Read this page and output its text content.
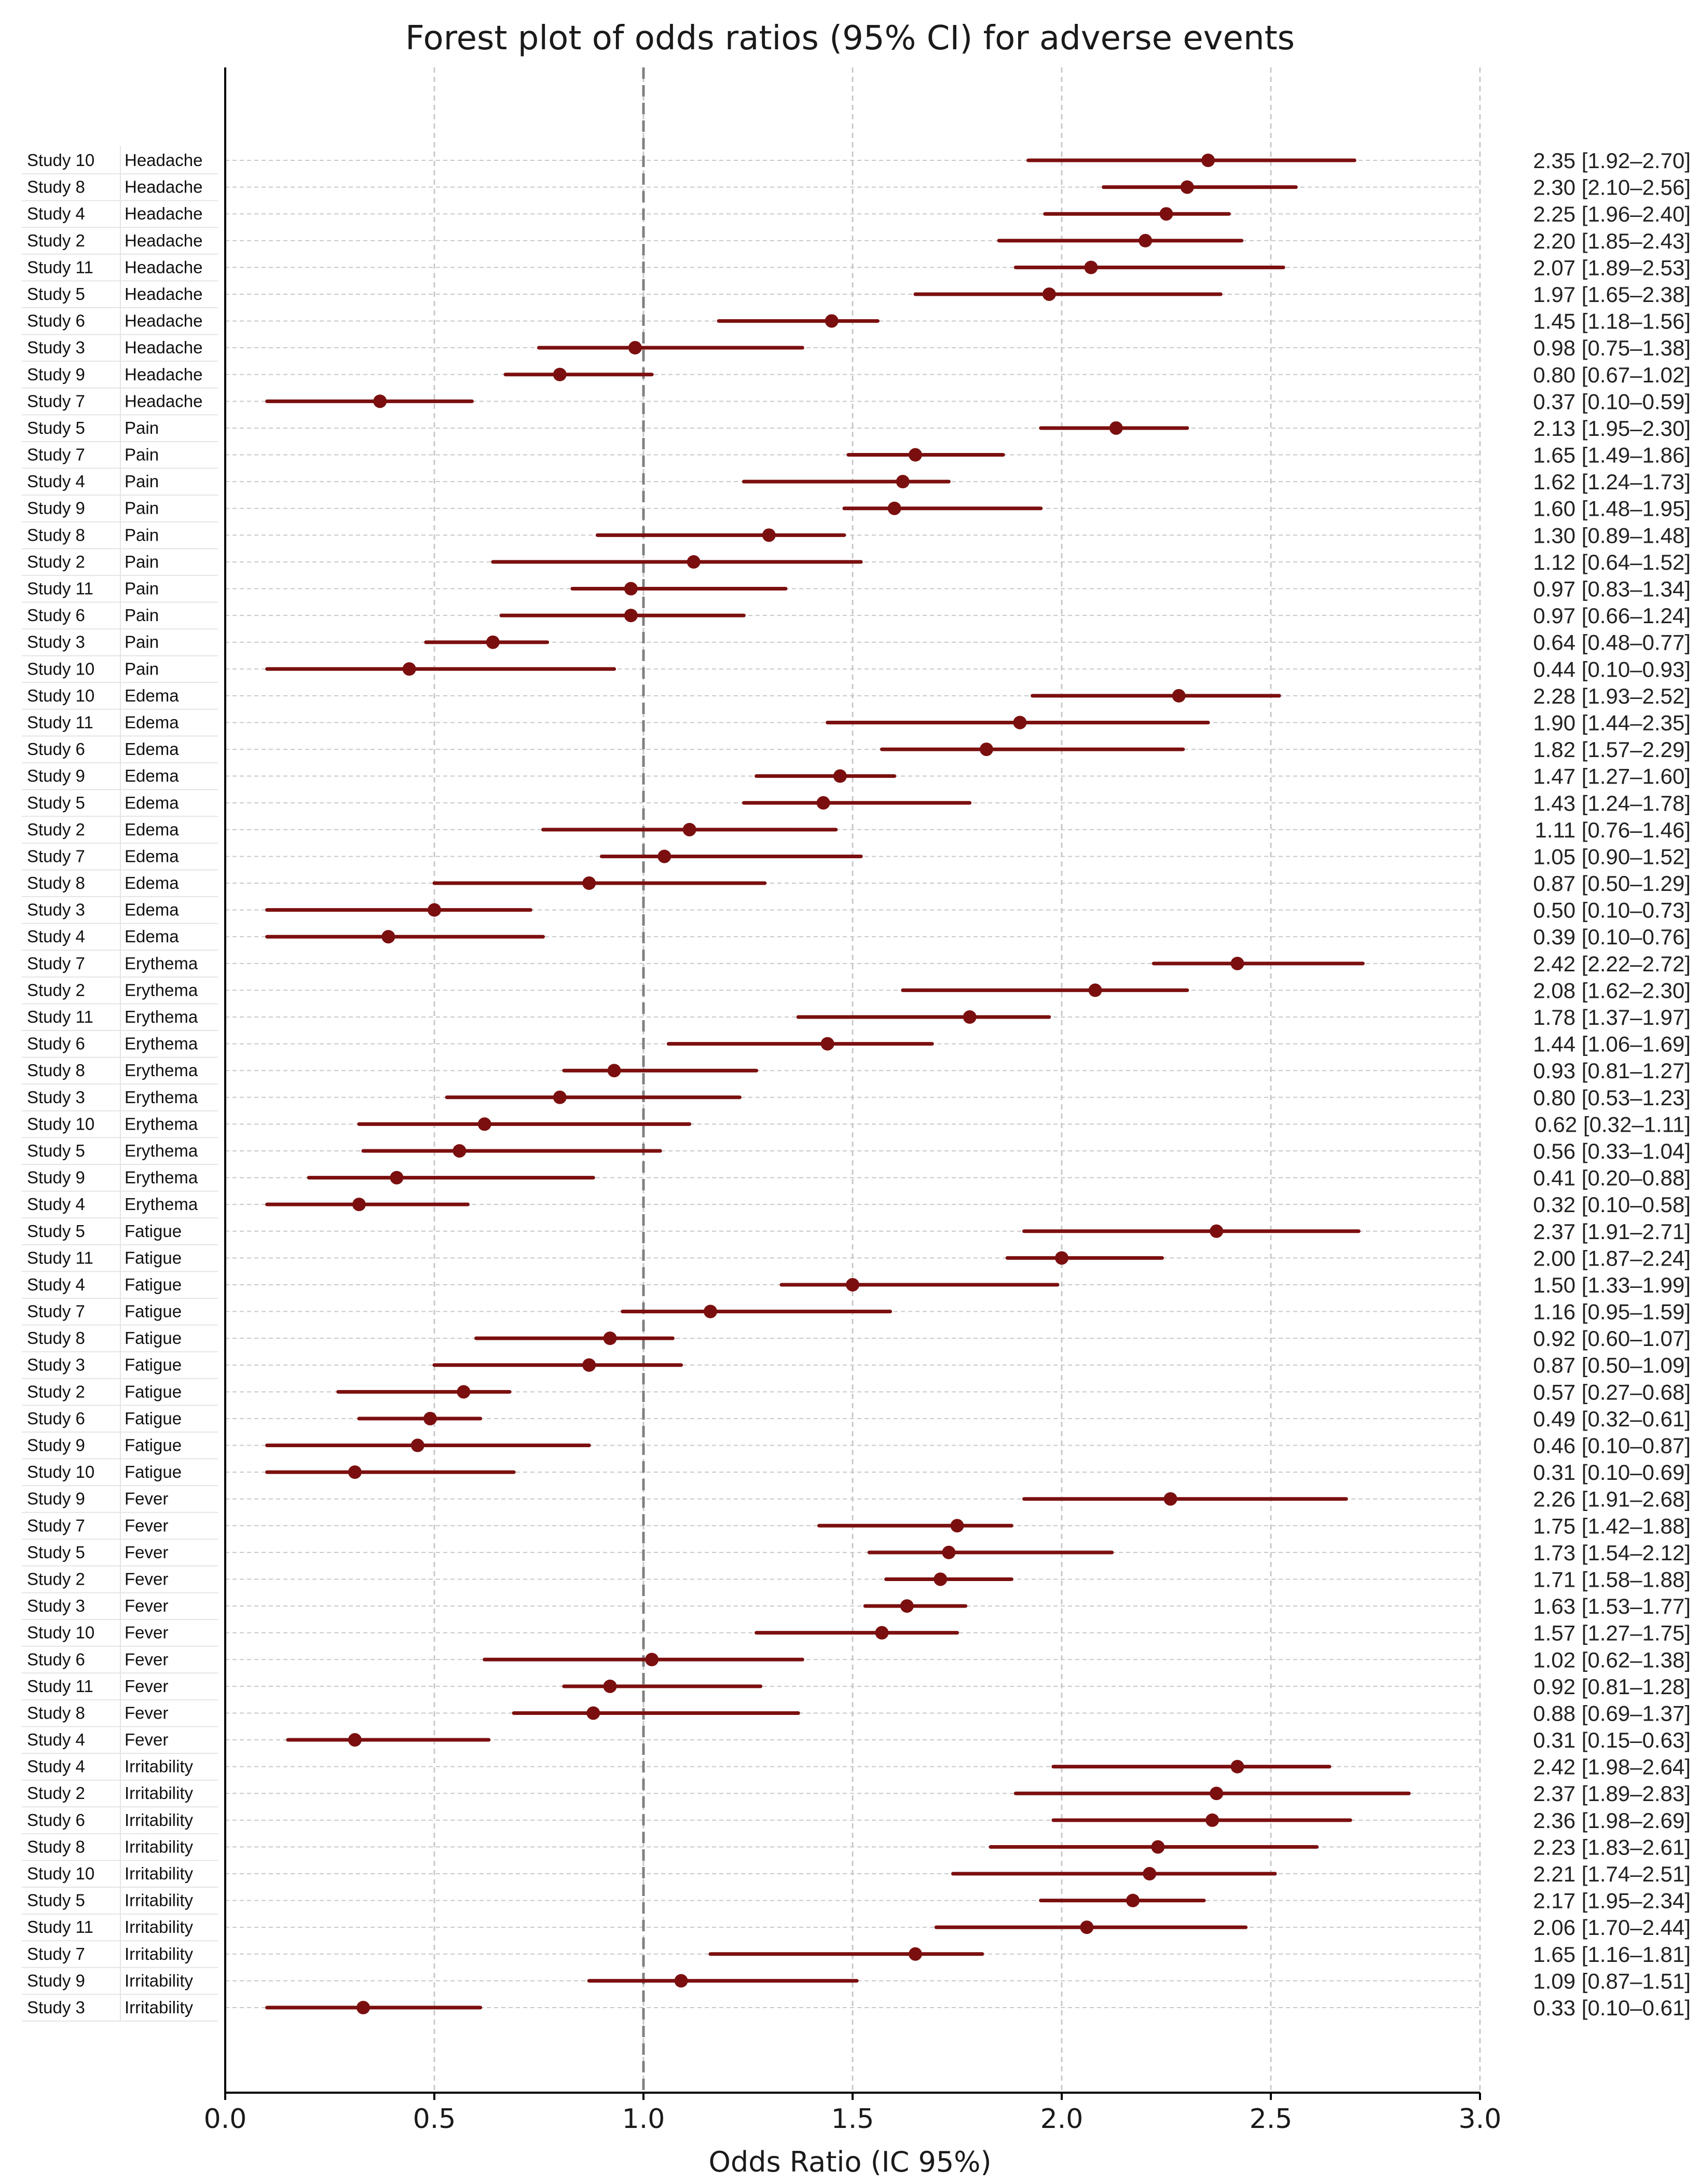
Forest plot of odds ratios (95% CI) for adverse events
Study 10 Headache	2.35 [1.92–2.70]
Study 8 Headache	2.30 [2.10–2.56]
Study 4 Headache	2.25 [1.96–2.40]
Study 2 Headache	2.20 [1.85–2.43]
Study 11 Headache	2.07 [1.89–2.53]
Study 5 Headache	1.97 [1.65–2.38]
Study 6 Headache	1.45 [1.18–1.56]
Study 3 Headache	0.98 [0.75–1.38]
Study 9 Headache	0.80 [0.67–1.02]
Study 7 Headache	0.37 [0.10–0.59]
Study 5 Pain	2.13 [1.95–2.30]
Study 7 Pain	1.65 [1.49–1.86]
Study 4 Pain	1.62 [1.24–1.73]
Study 9 Pain	1.60 [1.48–1.95]
Study 8 Pain	1.30 [0.89–1.48]
Study 2 Pain	1.12 [0.64–1.52]
Study 11 Pain	0.97 [0.83–1.34]
Study 6 Pain	0.97 [0.66–1.24]
Study 3 Pain	0.64 [0.48–0.77]
Study 10 Pain	0.44 [0.10–0.93]
Study 10 Edema	2.28 [1.93–2.52]
Study 11 Edema	1.90 [1.44–2.35]
Study 6 Edema	1.82 [1.57–2.29]
Study 9 Edema	1.47 [1.27–1.60]
Study 5 Edema	1.43 [1.24–1.78]
Study 2 Edema	1.11 [0.76–1.46]
Study 7 Edema	1.05 [0.90–1.52]
Study 8 Edema	0.87 [0.50–1.29]
Study 3 Edema	0.50 [0.10–0.73]
Study 4 Edema	0.39 [0.10–0.76]
Study 7 Erythema	2.42 [2.22–2.72]
Study 2 Erythema	2.08 [1.62–2.30]
Study 11 Erythema	1.78 [1.37–1.97]
Study 6 Erythema	1.44 [1.06–1.69]
Study 8 Erythema	0.93 [0.81–1.27]
Study 3 Erythema	0.80 [0.53–1.23]
Study 10 Erythema	0.62 [0.32–1.11]
Study 5 Erythema	0.56 [0.33–1.04]
Study 9 Erythema	0.41 [0.20–0.88]
Study 4 Erythema	0.32 [0.10–0.58]
Study 5 Fatigue	2.37 [1.91–2.71]
Study 11 Fatigue	2.00 [1.87–2.24]
Study 4 Fatigue	1.50 [1.33–1.99]
Study 7 Fatigue	1.16 [0.95–1.59]
Study 8 Fatigue	0.92 [0.60–1.07]
Study 3 Fatigue	0.87 [0.50–1.09]
Study 2 Fatigue	0.57 [0.27–0.68]
Study 6 Fatigue	0.49 [0.32–0.61]
Study 9 Fatigue	0.46 [0.10–0.87]
Study 10 Fatigue	0.31 [0.10–0.69]
Study 9 Fever	2.26 [1.91–2.68]
Study 7 Fever	1.75 [1.42–1.88]
Study 5 Fever	1.73 [1.54–2.12]
Study 2 Fever	1.71 [1.58–1.88]
Study 3 Fever	1.63 [1.53–1.77]
Study 10 Fever	1.57 [1.27–1.75]
Study 6 Fever	1.02 [0.62–1.38]
Study 11 Fever	0.92 [0.81–1.28]
Study 8 Fever	0.88 [0.69–1.37]
Study 4 Fever	0.31 [0.15–0.63]
Study 4 Irritability	2.42 [1.98–2.64]
Study 2 Irritability	2.37 [1.89–2.83]
Study 6 Irritability	2.36 [1.98–2.69]
Study 8 Irritability	2.23 [1.83–2.61]
Study 10 Irritability	2.21 [1.74–2.51]
Study 5 Irritability	2.17 [1.95–2.34]
Study 11 Irritability	2.06 [1.70–2.44]
Study 7 Irritability	1.65 [1.16–1.81]
Study 9 Irritability	1.09 [0.87–1.51]
Study 3 Irritability	0.33 [0.10–0.61]
0.0	0.5	1.0	1.5	2.0	2.5	3.0
Odds Ratio (IC 95%)
